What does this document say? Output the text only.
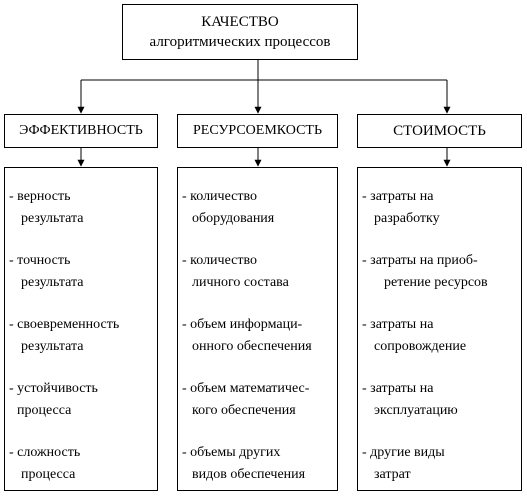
КАЧЕСТВО
алгоритмических процессов
ЭФФЕКТИВНОСТЬ	РЕСУРСОЕМКОСТЬ	СТОИМОСТЬ
- верность
результата
- точность
результата
- своевременность
результата
- устойчивость
процесса
- сложность
процесса
- количество
оборудования
- количество
личного состава
- объем информаци-
онного обеспечения
- объем математичес-
кого обеспечения
- объемы других
видов обеспечения
- затраты на
разработку
- затраты на приоб-
ретение ресурсов
- затраты на
сопровождение
- затраты на
эксплуатацию
- другие виды
затрат
